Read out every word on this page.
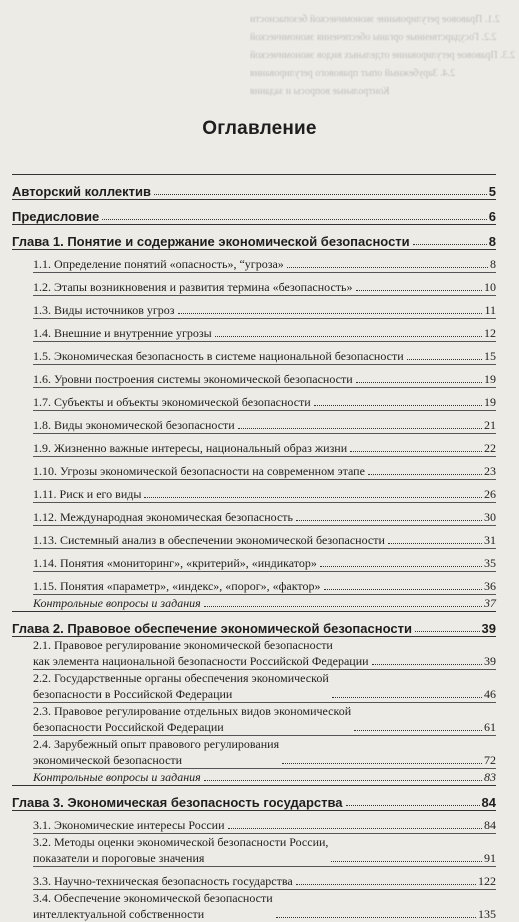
2.1. Правовое регулирование экономической безопасности
2.2. Государственные органы обеспечения экономической
2.3. Правовое регулирование отдельных видов экономической
2.4. Зарубежный опыт правового регулирования
Контрольные вопросы и задания
Оглавление
Авторский коллектив	5
Предисловие	6
Глава 1. Понятие и содержание экономической безопасности	8
1.1. Определение понятий «опасность», “угроза»	8
1.2. Этапы возникновения и развития термина «безопасность»	10
1.3. Виды источников угроз	11
1.4. Внешние и внутренние угрозы	12
1.5. Экономическая безопасность в системе национальной безопасности	15
1.6. Уровни построения системы экономической безопасности	19
1.7. Субъекты и объекты экономической безопасности	19
1.8. Виды экономической безопасности	21
1.9. Жизненно важные интересы, национальный образ жизни	22
1.10. Угрозы экономической безопасности на современном этапе	23
1.11. Риск и его виды	26
1.12. Международная экономическая безопасность	30
1.13. Системный анализ в обеспечении экономической безопасности	31
1.14. Понятия «мониторинг», «критерий», «индикатор»	35
1.15. Понятия «параметр», «индекс», «порог», «фактор»	36
Контрольные вопросы и задания	37
Глава 2. Правовое обеспечение экономической безопасности	39
2.1. Правовое регулирование экономической безопасности
как элемента национальной безопасности Российской Федерации	39
2.2. Государственные органы обеспечения экономической
безопасности в Российской Федерации	46
2.3. Правовое регулирование отдельных видов экономической
безопасности Российской Федерации	61
2.4. Зарубежный опыт правового регулирования
экономической безопасности	72
Контрольные вопросы и задания	83
Глава 3. Экономическая безопасность государства	84
3.1. Экономические интересы России	84
3.2. Методы оценки экономической безопасности России,
показатели и пороговые значения	91
3.3. Научно-техническая безопасность государства	122
3.4. Обеспечение экономической безопасности
интеллектуальной собственности	135
